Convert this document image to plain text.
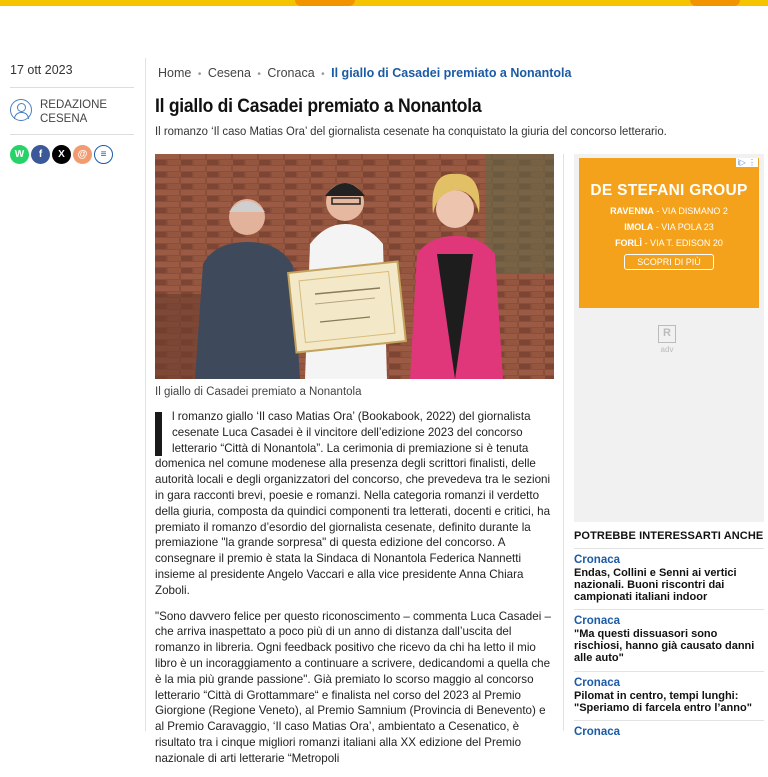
17 ott 2023
REDAZIONE CESENA
W	f	X	@	≡
Home • Cesena • Cronaca • Il giallo di Casadei premiato a Nonantola
Il giallo di Casadei premiato a Nonantola
Il romanzo ‘Il caso Matias Ora’ del giornalista cesenate ha conquistato la giuria del concorso letterario.
Il giallo di Casadei premiato a Nonantola

l romanzo giallo ‘Il caso Matias Ora’ (Bookabook, 2022) del giornalista cesenate Luca Casadei è il vincitore dell’edizione 2023 del concorso letterario “Città di Nonantola”. La cerimonia di premiazione si è tenuta domenica nel comune modenese alla presenza degli scrittori finalisti, delle autorità locali e degli organizzatori del concorso, che prevedeva tra le sezioni in gara racconti brevi, poesie e romanzi. Nella categoria romanzi il verdetto della giuria, composta da quindici componenti tra letterati, docenti e critici, ha premiato il romanzo d’esordio del giornalista cesenate, definito durante la premiazione "la grande sorpresa" di questa edizione del concorso. A consegnare il premio è stata la Sindaca di Nonantola Federica Nannetti insieme al presidente Angelo Vaccari e alla vice presidente Anna Chiara Zoboli.

"Sono davvero felice per questo riconoscimento – commenta Luca Casadei – che arriva inaspettato a poco più di un anno di distanza dall’uscita del romanzo in libreria. Ogni feedback positivo che ricevo da chi ha letto il mio libro è un incoraggiamento a continuare a scrivere, dedicandomi a quella che è la mia più grande passione". Già premiato lo scorso maggio al concorso letterario “Città di Grottammare“ e finalista nel corso del 2023 al Premio Giorgione (Regione Veneto), al Premio Samnium (Provincia di Benevento) e al Premio Caravaggio, ‘Il caso Matias Ora’, ambientato a Cesenatico, è risultato tra i cinque migliori romanzi italiani alla XX edizione del Premio nazionale di arti letterarie “Metropoli

DE STEFANI GROUP
RAVENNA - VIA DISMANO 2
IMOLA - VIA POLA 23
FORLÌ - VIA T. EDISON 20
SCOPRI DI PIÙ
i▷ ⋮
R
adv
POTREBBE INTERESSARTI ANCHE
Cronaca
Endas, Collini e Senni ai vertici nazionali. Buoni riscontri dai campionati italiani indoor
Cronaca
"Ma questi dissuasori sono rischiosi, hanno già causato danni alle auto"
Cronaca
Pilomat in centro, tempi lunghi: "Speriamo di farcela entro l’anno"
Cronaca
